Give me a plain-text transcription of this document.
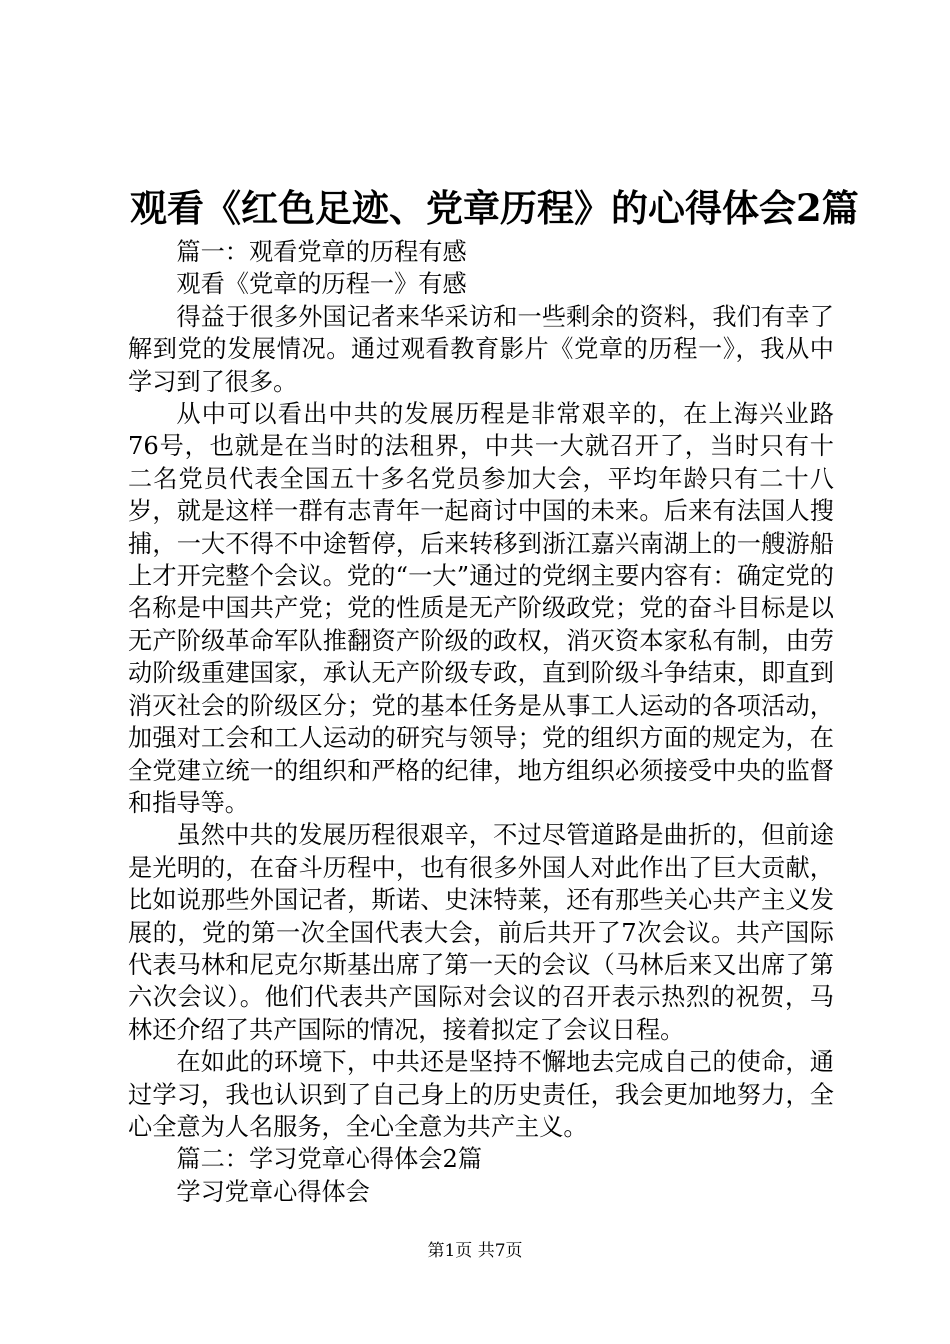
观看《红色足迹、党章历程》的心得体会2篇

篇一：观看党章的历程有感

观看《党章的历程一》有感

得益于很多外国记者来华采访和一些剩余的资料，我们有幸了解到党的发展情况。通过观看教育影片《党章的历程一》，我从中学习到了很多。

从中可以看出中共的发展历程是非常艰辛的，在上海兴业路76号，也就是在当时的法租界，中共一大就召开了，当时只有十二名党员代表全国五十多名党员参加大会，平均年龄只有二十八岁，就是这样一群有志青年一起商讨中国的未来。后来有法国人搜捕，一大不得不中途暂停，后来转移到浙江嘉兴南湖上的一艘游船上才开完整个会议。党的“一大”通过的党纲主要内容有：确定党的名称是中国共产党；党的性质是无产阶级政党；党的奋斗目标是以无产阶级革命军队推翻资产阶级的政权，消灭资本家私有制，由劳动阶级重建国家，承认无产阶级专政，直到阶级斗争结束，即直到消灭社会的阶级区分；党的基本任务是从事工人运动的各项活动，加强对工会和工人运动的研究与领导；党的组织方面的规定为，在全党建立统一的组织和严格的纪律，地方组织必须接受中央的监督和指导等。

虽然中共的发展历程很艰辛，不过尽管道路是曲折的，但前途是光明的，在奋斗历程中，也有很多外国人对此作出了巨大贡献，比如说那些外国记者，斯诺、史沫特莱，还有那些关心共产主义发展的，党的第一次全国代表大会，前后共开了7次会议。共产国际代表马林和尼克尔斯基出席了第一天的会议（马林后来又出席了第六次会议）。他们代表共产国际对会议的召开表示热烈的祝贺，马林还介绍了共产国际的情况，接着拟定了会议日程。

在如此的环境下，中共还是坚持不懈地去完成自己的使命，通过学习，我也认识到了自己身上的历史责任，我会更加地努力，全心全意为人名服务，全心全意为共产主义。

篇二：学习党章心得体会2篇

学习党章心得体会

第1页 共7页
